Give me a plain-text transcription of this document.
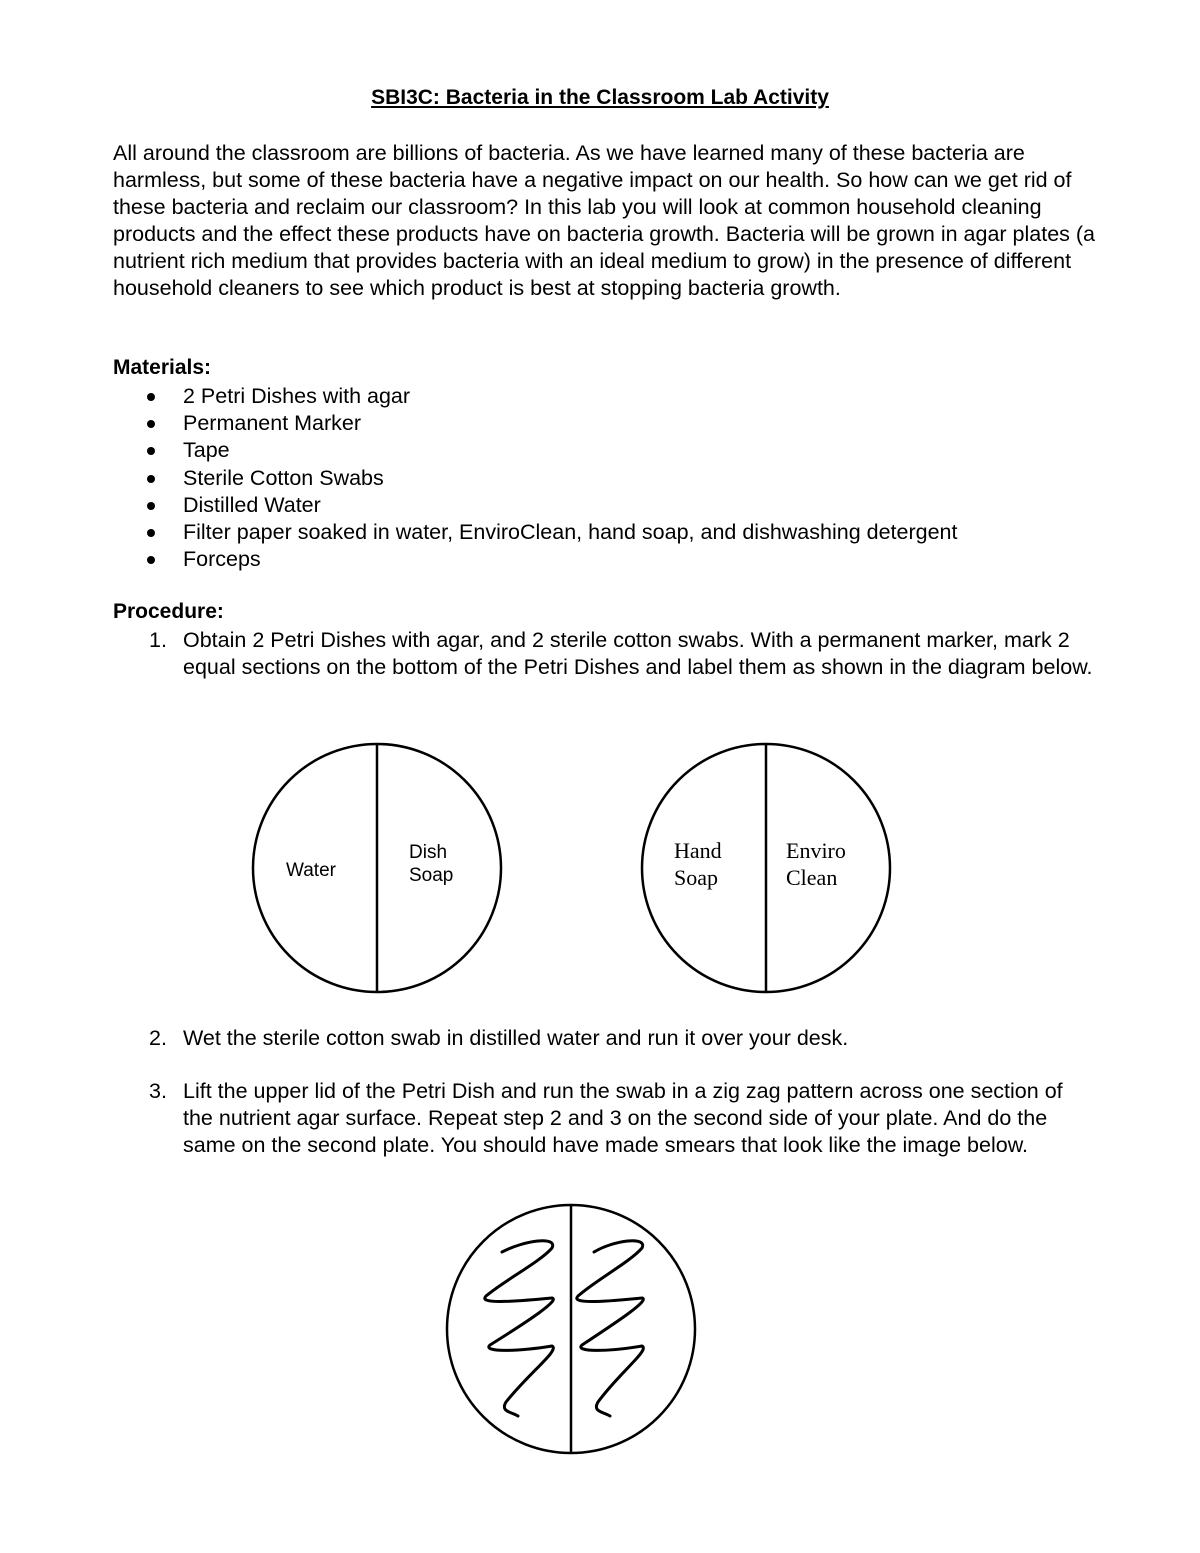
SBI3C: Bacteria in the Classroom Lab Activity

All around the classroom are billions of bacteria. As we have learned many of these bacteria are harmless, but some of these bacteria have a negative impact on our health. So how can we get rid of these bacteria and reclaim our classroom? In this lab you will look at common household cleaning products and the effect these products have on bacteria growth. Bacteria will be grown in agar plates (a nutrient rich medium that provides bacteria with an ideal medium to grow) in the presence of different household cleaners to see which product is best at stopping bacteria growth.

Materials:
2 Petri Dishes with agar
Permanent Marker
Tape
Sterile Cotton Swabs
Distilled Water
Filter paper soaked in water, EnviroClean, hand soap, and dishwashing detergent
Forceps
Procedure:
1. Obtain 2 Petri Dishes with agar, and 2 sterile cotton swabs. With a permanent marker, mark 2 equal sections on the bottom of the Petri Dishes and label them as shown in the diagram below.
2. Wet the sterile cotton swab in distilled water and run it over your desk.
3. Lift the upper lid of the Petri Dish and run the swab in a zig zag pattern across one section of the nutrient agar surface. Repeat step 2 and 3 on the second side of your plate. And do the same on the second plate. You should have made smears that look like the image below.
Water
Dish
Soap
Hand
Soap
Enviro
Clean
